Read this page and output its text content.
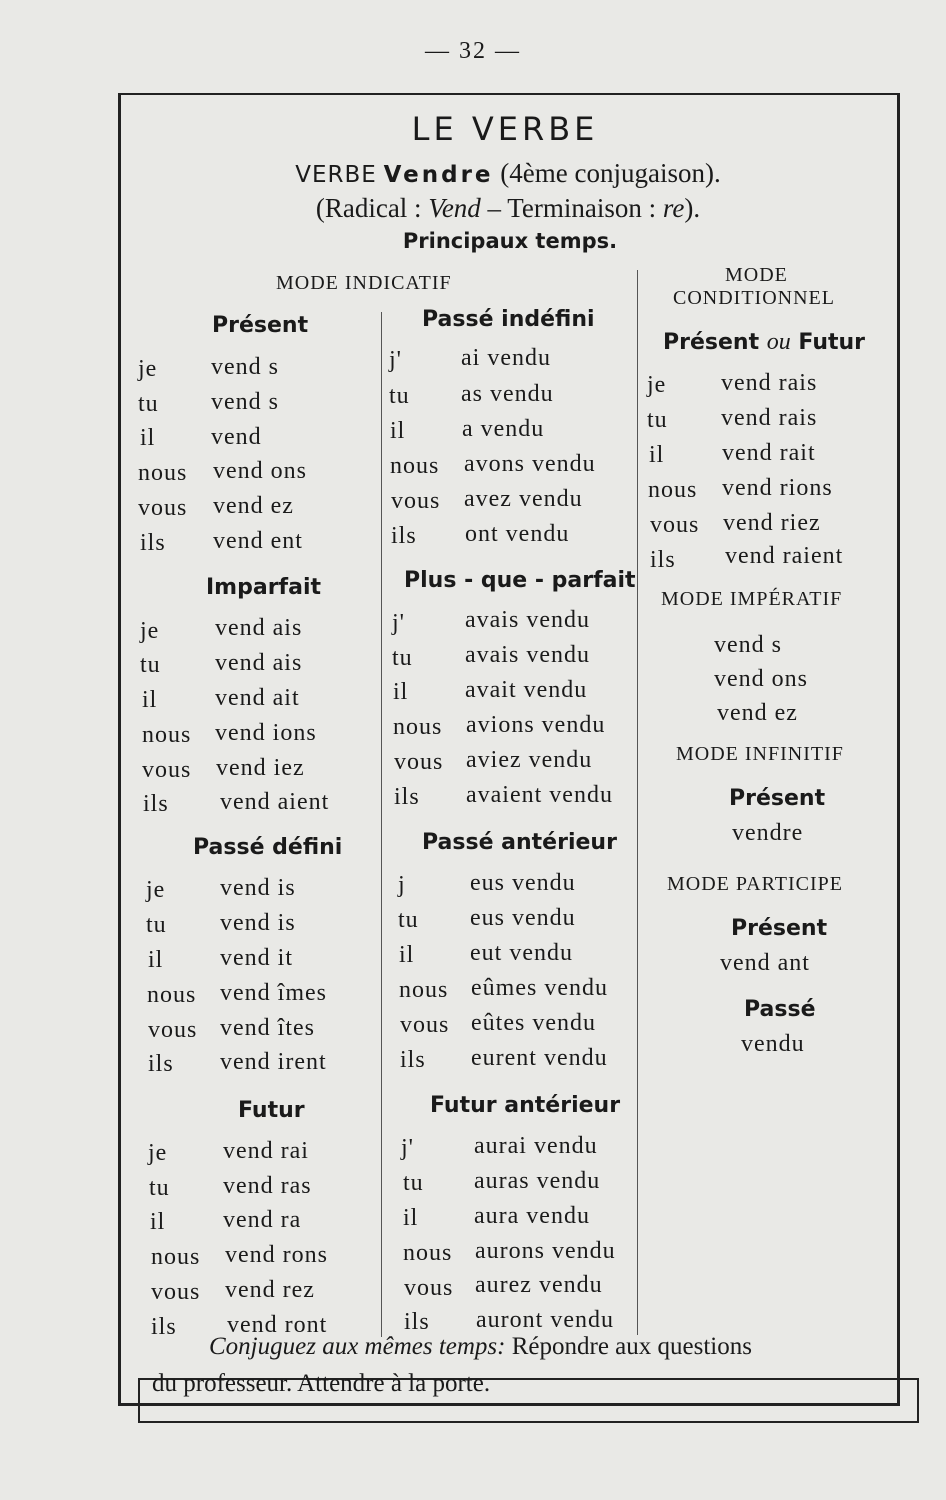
— 32 —
LE VERBE
VERBE Vendre (4ème conjugaison).
(Radical : Vend – Terminaison : re).
Principaux temps.
MODE INDICATIF
Présent
je vend s
tu vend s
il vend
nous vend ons
vous vend ez
ils vend ent
Imparfait
je vend ais
tu vend ais
il vend ait
nous vend ions
vous vend iez
ils vend aient
Passé défini
je vend is
tu vend is
il vend it
nous vend îmes
vous vend îtes
ils vend irent
Futur
je vend rai
tu vend ras
il vend ra
nous vend rons
vous vend rez
ils vend ront
Passé indéfini
j' ai vendu
tu as vendu
il a vendu
nous avons vendu
vous avez vendu
ils ont vendu
Plus - que - parfait
j'	avais vendu
tu avais vendu
il avait vendu
nous avions vendu
vous aviez vendu
ils avaient vendu
Passé antérieur
j	eus vendu
tu eus vendu
il eut vendu
nous eûmes vendu
vous eûtes vendu
ils eurent vendu
Futur antérieur
j'	aurai vendu
tu auras vendu
il aura vendu
nous aurons vendu
vous aurez vendu
ils auront vendu
MODE
CONDITIONNEL
Présent ou Futur
je vend rais
tu vend rais
il vend rait
nous vend rions
vous vend riez
ils vend raient
MODE IMPÉRATIF
vend s
vend ons
vend ez
MODE INFINITIF
Présent
vendre
MODE PARTICIPE
Présent
vend ant
Passé
vendu
Conjuguez aux mêmes temps: Répondre aux questions
du professeur. Attendre à la porte.
